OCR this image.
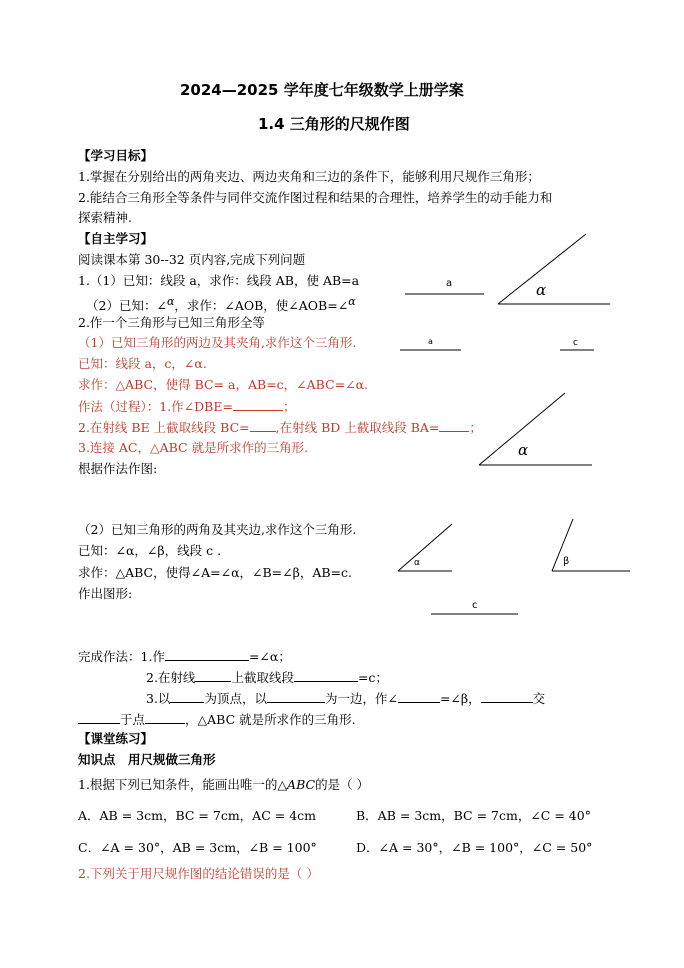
2024—2025 学年度七年级数学上册学案
1.4 三角形的尺规作图
【学习目标】
1.掌握在分别给出的两角夹边、两边夹角和三边的条件下，能够利用尺规作三角形；
2.能结合三角形全等条件与同伴交流作图过程和结果的合理性，培养学生的动手能力和
探索精神.
【自主学习】
阅读课本第 30--32 页内容,完成下列问题
1.（1）已知：线段 a，求作：线段 AB，使 AB=a
（2）已知：∠$^\alpha$，求作：∠AOB，使∠AOB=∠$^\alpha$
a	α
a	c
α
α	β
c
2.作一个三角形与已知三角形全等
（1）已知三角形的两边及其夹角,求作这个三角形.
已知：线段 a，c，∠α.
求作：△ABC，使得 BC= a，AB=c，∠ABC=∠α.
作法（过程）：1.作∠DBE=	；
2.在射线 BE 上截取线段 BC= ,在射线 BD 上截取线段 BA= ；
3.连接 AC，△ABC 就是所求作的三角形.
根据作法作图:
（2）已知三角形的两角及其夹边,求作这个三角形.
已知：∠α，∠β，线段 c .
求作：△ABC，使得∠A=∠α，∠B=∠β，AB=c.
作出图形:
完成作法：1.作	=∠α；
2.在射线	上截取线段	=c；
3.以	为顶点，以	为一边，作∠	=∠β，	交
于点	，△ABC 就是所求作的三角形.
【课堂练习】
知识点　用尺规做三角形
1.根据下列已知条件，能画出唯一的△ABC的是（ ）
A．AB = 3cm，BC = 7cm，AC = 4cm	B．AB = 3cm，BC = 7cm，∠C = 40°
C．∠A = 30°，AB = 3cm，∠B = 100°	D．∠A = 30°，∠B = 100°，∠C = 50°
2.下列关于用尺规作图的结论错误的是（ ）
